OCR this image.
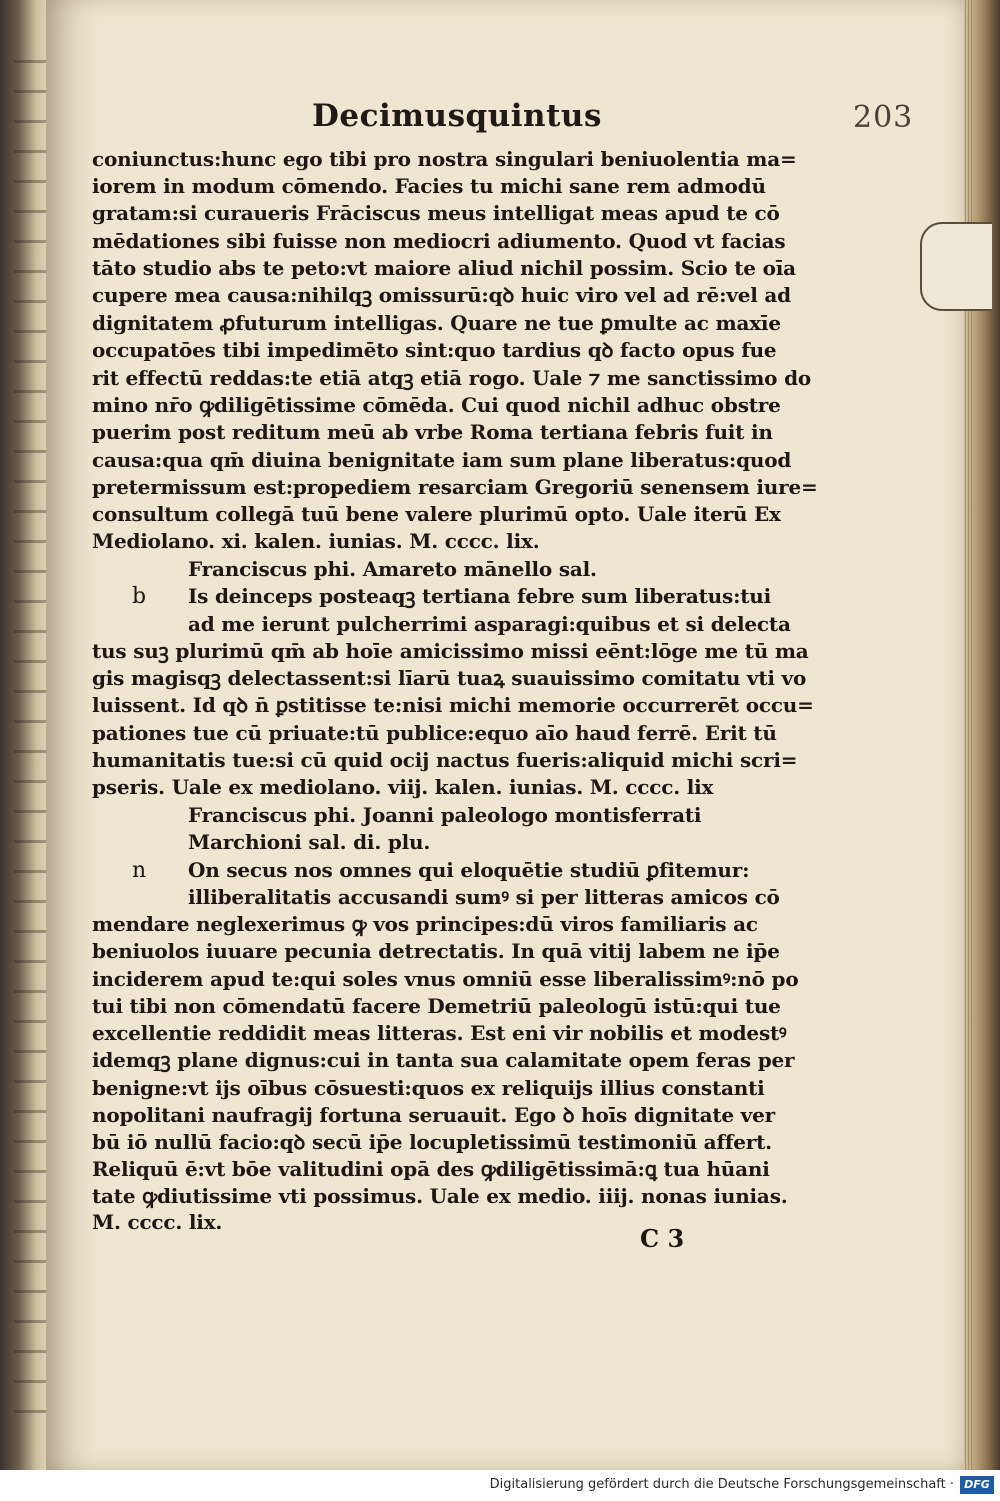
Decimusquintus	203
coniunctus:hunc ego tibi pro nostra singulari beniuolentia ma=
iorem in modum cōmendo. Facies tu michi sane rem admodū
gratam:si curaueris Frāciscus meus intelligat meas apud te cō
mēdationes sibi fuisse non mediocri adiumento. Quod vt facias
tāto studio abs te peto:vt maiore aliud nichil possim. Scio te oīa
cupere mea causa:nihilqꝫ omissurū:qꝺ huic viro vel ad rē:vel ad
dignitatem ꝓfuturum intelligas. Quare ne tue ꝑmulte ac maxīe
occupatōes tibi impedimēto sint:quo tardius qꝺ facto opus fue
rit effectū reddas:te etiā atqꝫ etiā rogo. Uale ⁊ me sanctissimo do
mino nr̄o ꝙdiligētissime cōmēda. Cui quod nichil adhuc obstre
puerim post reditum meū ab vrbe Roma tertiana febris fuit in
causa:qua qm̄ diuina benignitate iam sum plane liberatus:quod
pretermissum est:propediem resarciam Gregoriū senensem iure=
consultum collegā tuū bene valere plurimū opto. Uale iterū Ex
Mediolano. xi. kalen. iunias. M. cccc. lix.
Franciscus phi. Amareto mānello sal.
b Is deinceps posteaqꝫ tertiana febre sum liberatus:tui
ad me ierunt pulcherrimi asparagi:quibus et si delecta
tus suꝫ plurimū qm̄ ab hoīe amicissimo missi eēnt:lōge me tū ma
gis magisqꝫ delectassent:si līarū tuaꝝ suauissimo comitatu vti vo
luissent. Id qꝺ n̄ ꝑstitisse te:nisi michi memorie occurrerēt occu=
pationes tue cū priuate:tū publice:equo aīo haud ferrē. Erit tū
humanitatis tue:si cū quid ocij nactus fueris:aliquid michi scri=
pseris. Uale ex mediolano. viij. kalen. iunias. M. cccc. lix
Franciscus phi. Joanni paleologo montisferrati
Marchioni sal. di. plu.
n On secus nos omnes qui eloquētie studiū ꝑfitemur:
illiberalitatis accusandi sumꝰ si per litteras amicos cō
mendare neglexerimus ꝙ vos principes:dū viros familiaris ac
beniuolos iuuare pecunia detrectatis. In quā vitij labem ne ip̄e
inciderem apud te:qui soles vnus omniū esse liberalissimꝰ:nō po
tui tibi non cōmendatū facere Demetriū paleologū istū:qui tue
excellentie reddidit meas litteras. Est eni vir nobilis et modestꝰ
idemqꝫ plane dignus:cui in tanta sua calamitate opem feras per
benigne:vt ijs oībus cōsuesti:quos ex reliquijs illius constanti
nopolitani naufragij fortuna seruauit. Ego ꝺ hoīs dignitate ver
bū iō nullū facio:qꝺ secū ip̄e locupletissimū testimoniū affert.
Reliquū ē:vt bōe valitudini opā des ꝙdiligētissimā:ꝗ tua hūani
tate ꝙdiutissime vti possimus. Uale ex medio. iiij. nonas iunias.
M. cccc. lix.
C 3
Digitalisierung gefördert durch die Deutsche Forschungsgemeinschaft · DFG
